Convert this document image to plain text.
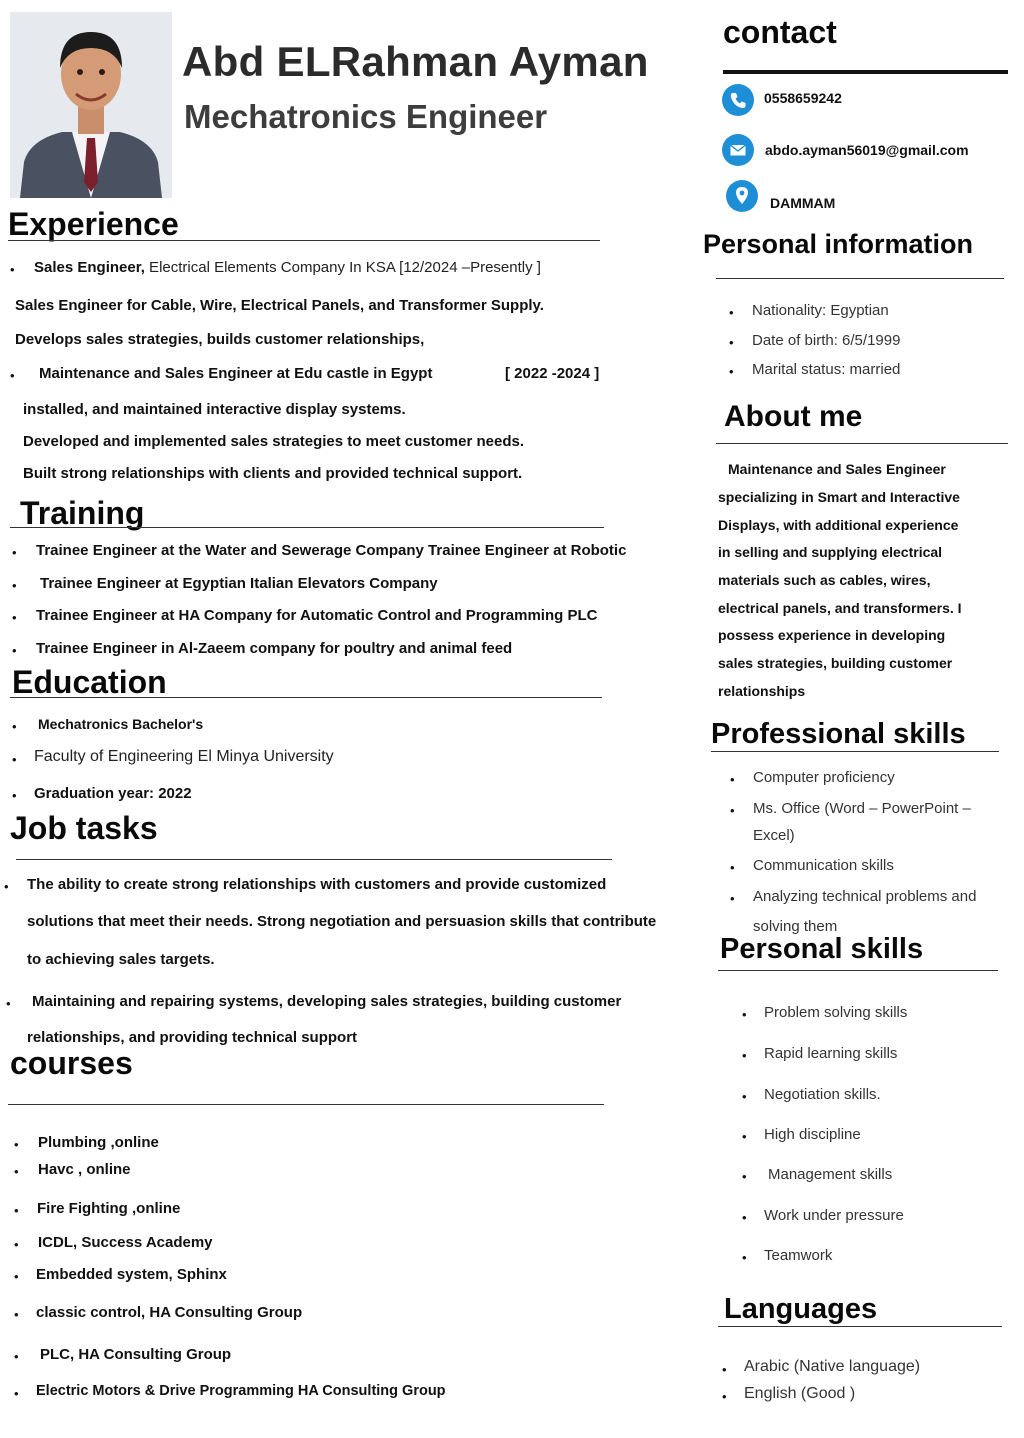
Abd ELRahman Ayman
Mechatronics Engineer
Experience
• Sales Engineer, Electrical Elements Company In KSA [12/2024 –Presently ]
Sales Engineer for Cable, Wire, Electrical Panels, and Transformer Supply.
Develops sales strategies, builds customer relationships,
• Maintenance and Sales Engineer at Edu castle in Egypt	[ 2022 -2024 ]
installed, and maintained interactive display systems.
Developed and implemented sales strategies to meet customer needs.
Built strong relationships with clients and provided technical support.
Training
• Trainee Engineer at the Water and Sewerage Company Trainee Engineer at Robotic
• Trainee Engineer at Egyptian Italian Elevators Company
• Trainee Engineer at HA Company for Automatic Control and Programming PLC
• Trainee Engineer in Al-Zaeem company for poultry and animal feed
Education
• Mechatronics Bachelor's
• Faculty of Engineering El Minya University
• Graduation year: 2022
Job tasks
• The ability to create strong relationships with customers and provide customized
solutions that meet their needs. Strong negotiation and persuasion skills that contribute
to achieving sales targets.
• Maintaining and repairing systems, developing sales strategies, building customer
relationships, and providing technical support
courses
• Plumbing ,online
• Havc , online
• Fire Fighting ,online
• ICDL, Success Academy
• Embedded system, Sphinx
• classic control, HA Consulting Group
• PLC, HA Consulting Group
• Electric Motors & Drive Programming HA Consulting Group
contact
0558659242
abdo.ayman56019@gmail.com
DAMMAM
Personal information
• Nationality: Egyptian
• Date of birth: 6/5/1999
• Marital status: married
About me
Maintenance and Sales Engineer
specializing in Smart and Interactive
Displays, with additional experience
in selling and supplying electrical
materials such as cables, wires,
electrical panels, and transformers. I
possess experience in developing
sales strategies, building customer
relationships
Professional skills
• Computer proficiency
• Ms. Office (Word – PowerPoint –
Excel)
• Communication skills
• Analyzing technical problems and
solving them
Personal skills
• Problem solving skills
• Rapid learning skills
• Negotiation skills.
• High discipline
• Management skills
• Work under pressure
• Teamwork
Languages
• Arabic (Native language)
• English (Good )
